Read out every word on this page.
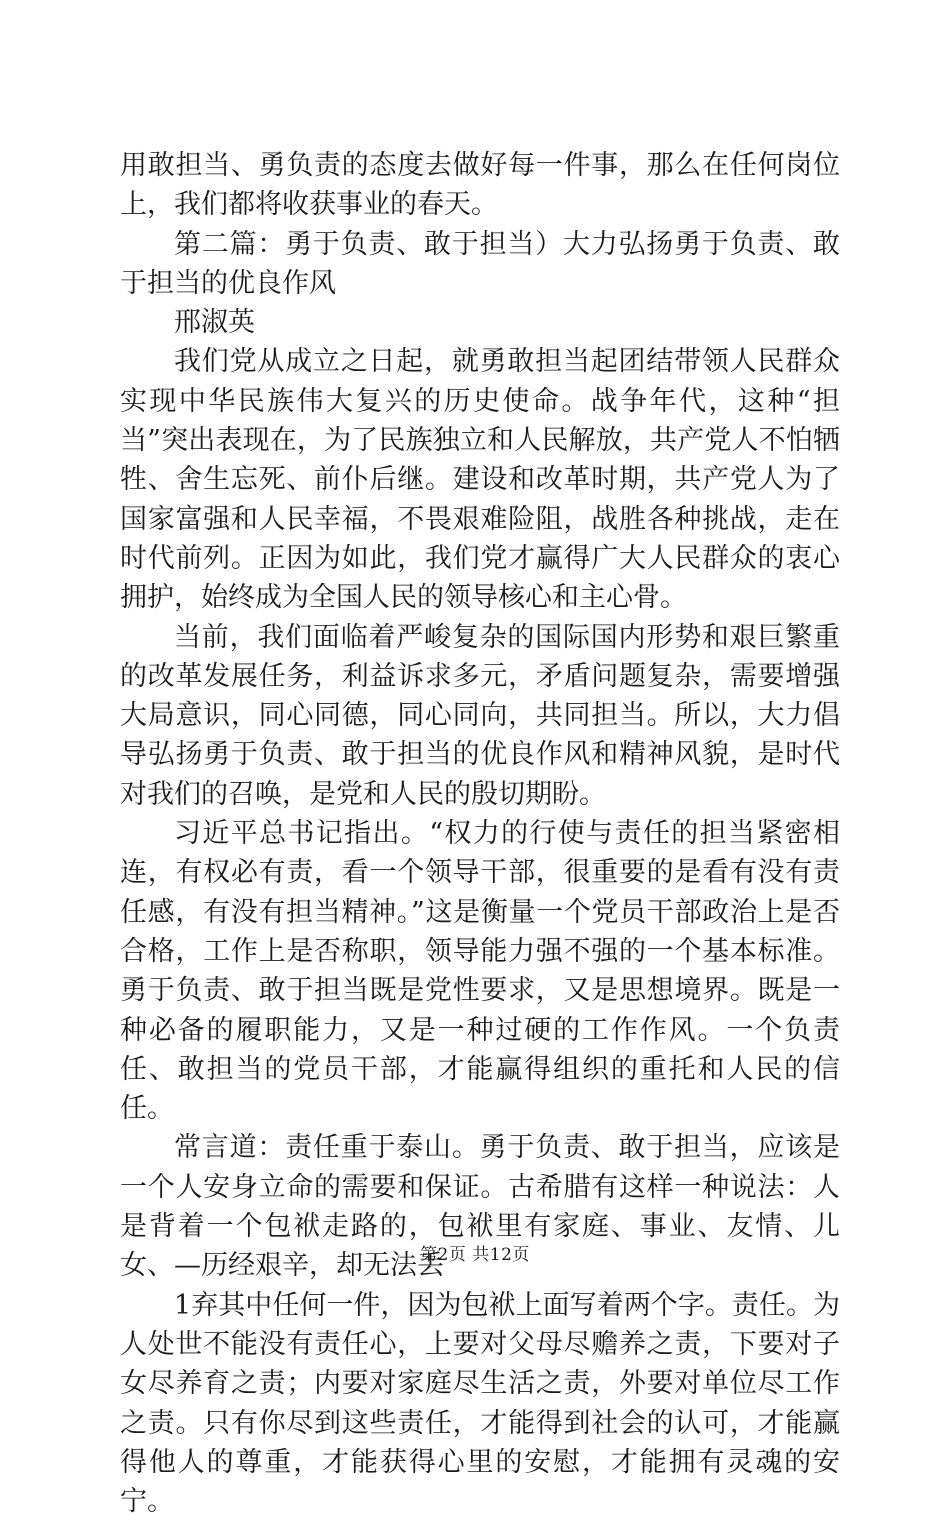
用敢担当、勇负责的态度去做好每一件事，那么在任何岗位上，我们都将收获事业的春天。

第二篇：勇于负责、敢于担当）大力弘扬勇于负责、敢于担当的优良作风

邢淑英

我们党从成立之日起，就勇敢担当起团结带领人民群众实现中华民族伟大复兴的历史使命。战争年代，这种“担当”突出表现在，为了民族独立和人民解放，共产党人不怕牺牲、舍生忘死、前仆后继。建设和改革时期，共产党人为了国家富强和人民幸福，不畏艰难险阻，战胜各种挑战，走在时代前列。正因为如此，我们党才赢得广大人民群众的衷心拥护，始终成为全国人民的领导核心和主心骨。

当前，我们面临着严峻复杂的国际国内形势和艰巨繁重的改革发展任务，利益诉求多元，矛盾问题复杂，需要增强大局意识，同心同德，同心同向，共同担当。所以，大力倡导弘扬勇于负责、敢于担当的优良作风和精神风貌，是时代对我们的召唤，是党和人民的殷切期盼。

习近平总书记指出。“权力的行使与责任的担当紧密相连，有权必有责，看一个领导干部，很重要的是看有没有责任感，有没有担当精神。”这是衡量一个党员干部政治上是否合格，工作上是否称职，领导能力强不强的一个基本标准。勇于负责、敢于担当既是党性要求，又是思想境界。既是一种必备的履职能力，又是一种过硬的工作作风。一个负责任、敢担当的党员干部，才能赢得组织的重托和人民的信任。

常言道：责任重于泰山。勇于负责、敢于担当，应该是一个人安身立命的需要和保证。古希腊有这样一种说法：人是背着一个包袱走路的，包袱里有家庭、事业、友情、儿女、—历经艰辛，却无法丢

1弃其中任何一件，因为包袱上面写着两个字。责任。为人处世不能没有责任心，上要对父母尽赡养之责，下要对子女尽养育之责；内要对家庭尽生活之责，外要对单位尽工作之责。只有你尽到这些责任，才能得到社会的认可，才能赢得他人的尊重，才能获得心里的安慰，才能拥有灵魂的安宁。

第2页 共12页
